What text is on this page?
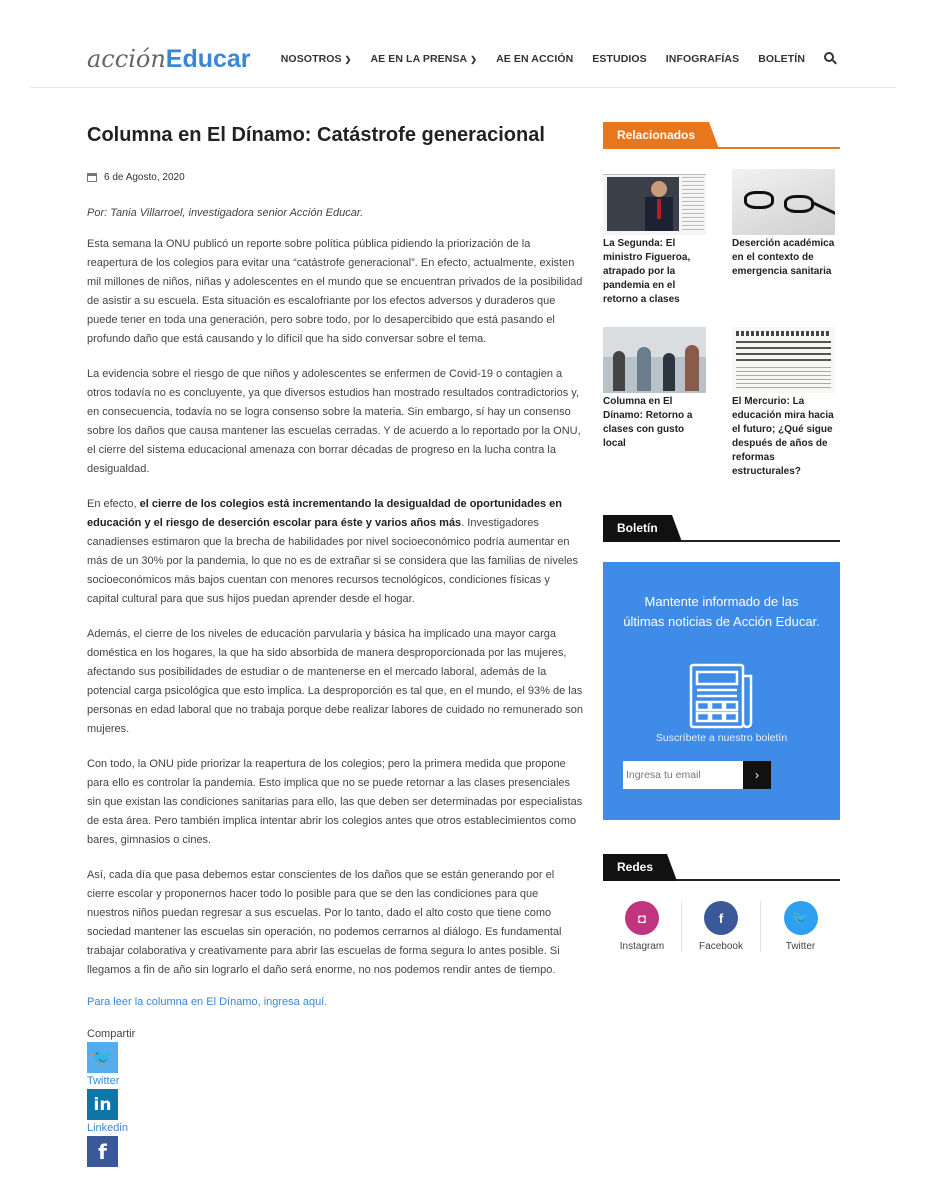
acciónEducar	NOSOTROS ❯ AE EN LA PRENSA ❯ AE EN ACCIÓN ESTUDIOS INFOGRAFÍAS BOLETÍN
Columna en El Dínamo: Catástrofe generacional
6 de Agosto, 2020

Por: Tania Villarroel, investigadora senior Acción Educar.

Esta semana la ONU publicó un reporte sobre política pública pidiendo la priorización de la reapertura de los colegios para evitar una “catástrofe generacional”. En efecto, actualmente, existen mil millones de niños, niñas y adolescentes en el mundo que se encuentran privados de la posibilidad de asistir a su escuela. Esta situación es escalofriante por los efectos adversos y duraderos que puede tener en toda una generación, pero sobre todo, por lo desapercibido que está pasando el profundo daño que está causando y lo difícil que ha sido conversar sobre el tema.

La evidencia sobre el riesgo de que niños y adolescentes se enfermen de Covid-19 o contagien a otros todavía no es concluyente, ya que diversos estudios han mostrado resultados contradictorios y, en consecuencia, todavía no se logra consenso sobre la materia. Sin embargo, sí hay un consenso sobre los daños que causa mantener las escuelas cerradas. Y de acuerdo a lo reportado por la ONU, el cierre del sistema educacional amenaza con borrar décadas de progreso en la lucha contra la desigualdad.

En efecto, el cierre de los colegios está incrementando la desigualdad de oportunidades en educación y el riesgo de deserción escolar para éste y varios años más. Investigadores canadienses estimaron que la brecha de habilidades por nivel socioeconómico podría aumentar en más de un 30% por la pandemia, lo que no es de extrañar si se considera que las familias de niveles socioeconómicos más bajos cuentan con menores recursos tecnológicos, condiciones físicas y capital cultural para que sus hijos puedan aprender desde el hogar.

Además, el cierre de los niveles de educación parvularia y básica ha implicado una mayor carga doméstica en los hogares, la que ha sido absorbida de manera desproporcionada por las mujeres, afectando sus posibilidades de estudiar o de mantenerse en el mercado laboral, además de la potencial carga psicológica que esto implica. La desproporción es tal que, en el mundo, el 93% de las personas en edad laboral que no trabaja porque debe realizar labores de cuidado no remunerado son mujeres.

Con todo, la ONU pide priorizar la reapertura de los colegios; pero la primera medida que propone para ello es controlar la pandemia. Esto implica que no se puede retornar a las clases presenciales sin que existan las condiciones sanitarias para ello, las que deben ser determinadas por especialistas de esta área. Pero también implica intentar abrir los colegios antes que otros establecimientos como bares, gimnasios o cines.

Así, cada día que pasa debemos estar conscientes de los daños que se están generando por el cierre escolar y proponernos hacer todo lo posible para que se den las condiciones para que nuestros niños puedan regresar a sus escuelas. Por lo tanto, dado el alto costo que tiene como sociedad mantener las escuelas sin operación, no podemos cerrarnos al diálogo. Es fundamental trabajar colaborativa y creativamente para abrir las escuelas de forma segura lo antes posible. Si llegamos a fin de año sin lograrlo el daño será enorme, no nos podemos rendir antes de tiempo.

Para leer la columna en El Dínamo, ingresa aquí.

Compartir
🐦
Twitter
in
Linkedin
f
Relacionados
La Segunda: El ministro Figueroa, atrapado por la pandemia en el retorno a clases
Deserción académica en el contexto de emergencia sanitaria
Columna en El Dínamo: Retorno a clases con gusto local
El Mercurio: La educación mira hacia el futuro; ¿Qué sigue después de años de reformas estructurales?
Boletín
Mantente informado de las últimas noticias de Acción Educar.
Suscríbete a nuestro boletín
Ingresa tu email
›
Redes
◘
Instagram
f
Facebook
🐦
Twitter
